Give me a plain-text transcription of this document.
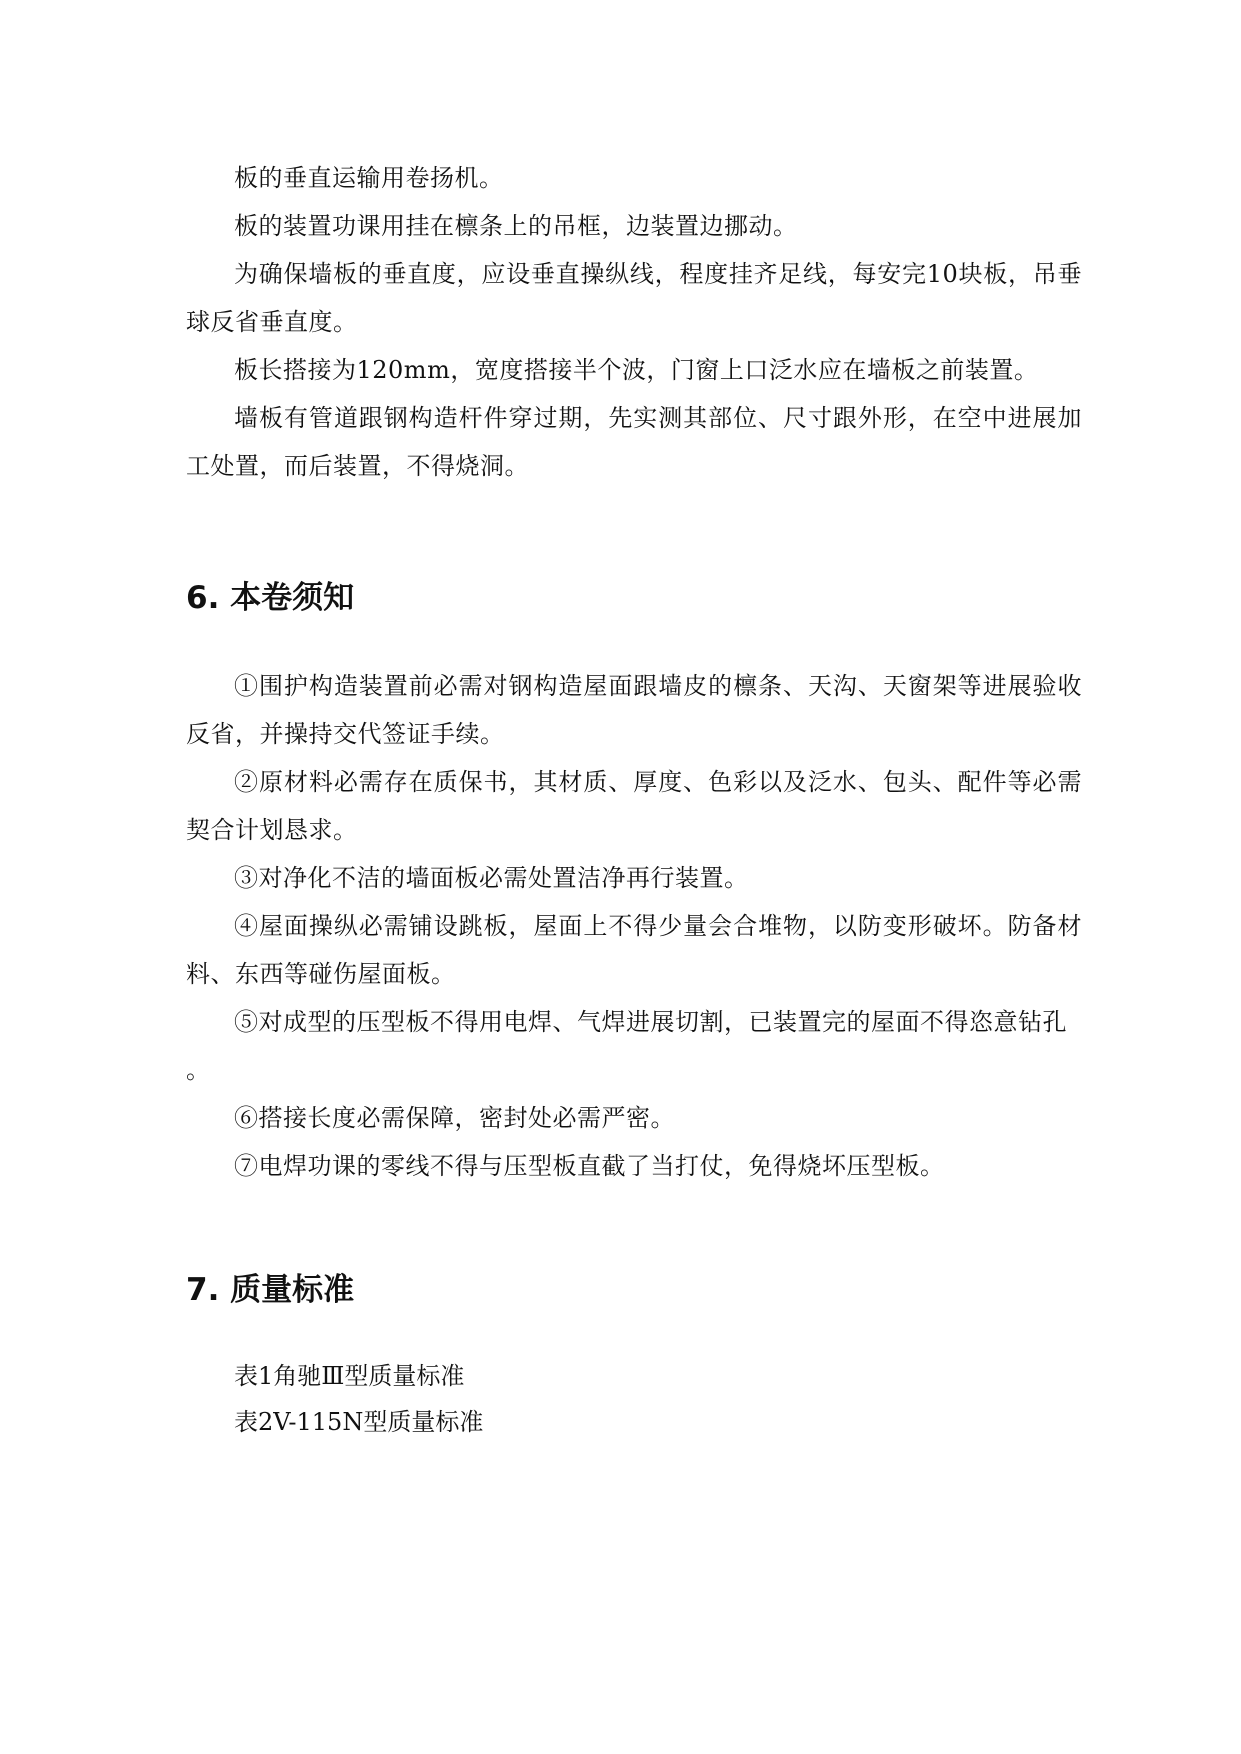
板的垂直运输用卷扬机。

板的装置功课用挂在檩条上的吊框，边装置边挪动。

为确保墙板的垂直度，应设垂直操纵线，程度挂齐足线，每安完10块板，吊垂球反省垂直度。

板长搭接为120mm，宽度搭接半个波，门窗上口泛水应在墙板之前装置。

墙板有管道跟钢构造杆件穿过期，先实测其部位、尺寸跟外形，在空中进展加工处置，而后装置，不得烧洞。

6. 本卷须知

①围护构造装置前必需对钢构造屋面跟墙皮的檩条、天沟、天窗架等进展验收反省，并操持交代签证手续。

②原材料必需存在质保书，其材质、厚度、色彩以及泛水、包头、配件等必需契合计划恳求。

③对净化不洁的墙面板必需处置洁净再行装置。

④屋面操纵必需铺设跳板，屋面上不得少量会合堆物，以防变形破坏。防备材料、东西等碰伤屋面板。

⑤对成型的压型板不得用电焊、气焊进展切割，已装置完的屋面不得恣意钻孔

。

⑥搭接长度必需保障，密封处必需严密。

⑦电焊功课的零线不得与压型板直截了当打仗，免得烧坏压型板。

7. 质量标准

表1角驰Ⅲ型质量标准

表2V-115N型质量标准
